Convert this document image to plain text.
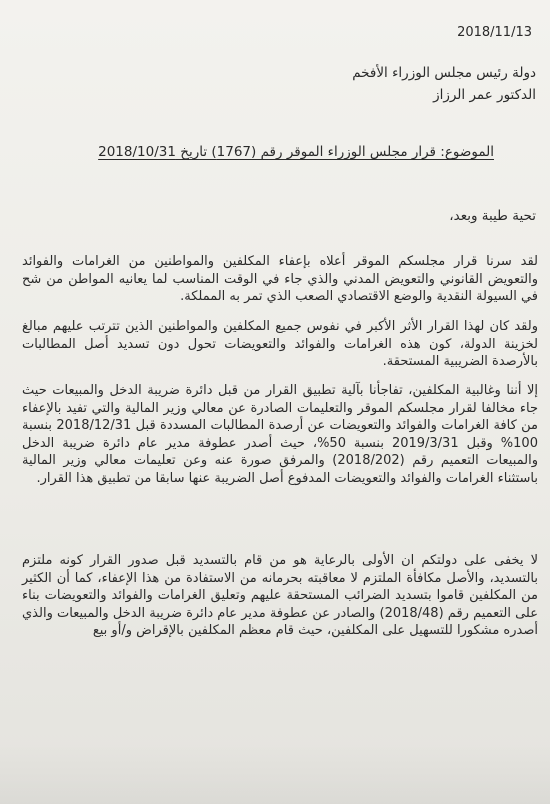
2018/11/13
دولة رئيس مجلس الوزراء الأفخم
الدكتور عمر الرزاز
الموضوع: قرار مجلس الوزراء الموقر رقم (1767) تاريخ 2018/10/31
تحية طيبة وبعد،

لقد سرنا قرار مجلسكم الموقر أعلاه بإعفاء المكلفين والمواطنين من الغرامات والفوائد والتعويض القانوني والتعويض المدني والذي جاء في الوقت المناسب لما يعانيه المواطن من شح في السيولة النقدية والوضع الاقتصادي الصعب الذي تمر به المملكة.

ولقد كان لهذا القرار الأثر الأكبر في نفوس جميع المكلفين والمواطنين الذين تترتب عليهم مبالغ لخزينة الدولة، كون هذه الغرامات والفوائد والتعويضات تحول دون تسديد أصل المطالبات بالأرصدة الضريبية المستحقة.

إلا أننا وغالبية المكلفين، تفاجأنا بآلية تطبيق القرار من قبل دائرة ضريبة الدخل والمبيعات حيث جاء مخالفا لقرار مجلسكم الموقر والتعليمات الصادرة عن معالي وزير المالية والتي تفيد بالإعفاء من كافة الغرامات والفوائد والتعويضات عن أرصدة المطالبات المسددة قبل 2018/12/31 بنسبة 100% وقبل 2019/3/31 بنسبة 50%، حيث أصدر عطوفة مدير عام دائرة ضريبة الدخل والمبيعات التعميم رقم (2018/202) والمرفق صورة عنه وعن تعليمات معالي وزير المالية باستثناء الغرامات والفوائد والتعويضات المدفوع أصل الضريبة عنها سابقا من تطبيق هذا القرار.

لا يخفى على دولتكم ان الأولى بالرعاية هو من قام بالتسديد قبل صدور القرار كونه ملتزم بالتسديد، والأصل مكافأة الملتزم لا معاقبته بحرمانه من الاستفادة من هذا الإعفاء، كما أن الكثير من المكلفين قاموا بتسديد الضرائب المستحقة عليهم وتعليق الغرامات والفوائد والتعويضات بناء على التعميم رقم (2018/48) والصادر عن عطوفة مدير عام دائرة ضريبة الدخل والمبيعات والذي أصدره مشكورا للتسهيل على المكلفين، حيث قام معظم المكلفين بالإقراض و/أو بيع
